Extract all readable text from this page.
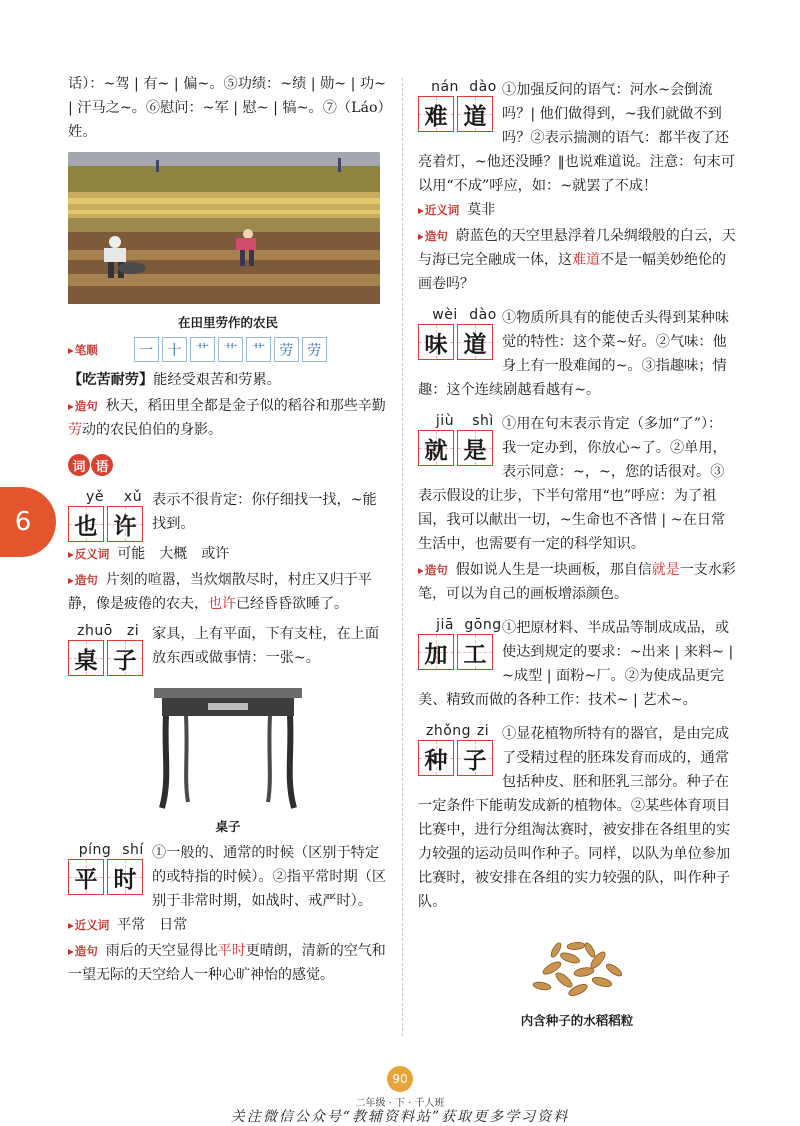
6

话）：~驾 | 有~ | 偏~。⑤功绩：~绩 | 勋~ | 功~ | 汗马之~。⑥慰问：~军 | 慰~ | 犒~。⑦（Láo）姓。

在田里劳作的农民
▸ 笔顺	一	十	艹	艹	艹	劳	劳
【吃苦耐劳】能经受艰苦和劳累。
▸ 造句 秋天，稻田里全都是金子似的稻谷和那些辛勤劳动的农民伯伯的身影。
词 语
yě xǔ
也 许

表示不很肯定：你仔细找一找，~能找到。

▸ 反义词 可能　大概　或许
▸ 造句 片刻的喧嚣，当炊烟散尽时，村庄又归于平静，像是疲倦的农夫，也许已经昏昏欲睡了。
zhuō zi
桌 子

家具，上有平面，下有支柱，在上面放东西或做事情：一张~。

桌子
píng shí
平 时

①一般的、通常的时候（区别于特定的或特指的时候）。②指平常时期（区别于非常时期，如战时、戒严时）。

▸ 近义词 平常　日常
▸ 造句 雨后的天空显得比平时更晴朗，清新的空气和一望无际的天空给人一种心旷神怡的感觉。
nán dào
难 道

①加强反问的语气：河水~会倒流吗？| 他们做得到，~我们就做不到吗？②表示揣测的语气：都半夜了还亮着灯，~他还没睡？‖也说难道说。注意：句末可以用“不成”呼应，如：~就罢了不成！

▸ 近义词 莫非
▸ 造句 蔚蓝色的天空里悬浮着几朵绸缎般的白云，天与海已完全融成一体，这难道不是一幅美妙绝伦的画卷吗？
wèi dào
味 道

①物质所具有的能使舌头得到某种味觉的特性：这个菜~好。②气味：他身上有一股难闻的~。③指趣味；情趣：这个连续剧越看越有~。

jiù shì
就 是

①用在句末表示肯定（多加“了”）：我一定办到，你放心~了。②单用，表示同意：~，~，您的话很对。③表示假设的让步，下半句常用“也”呼应：为了祖国，我可以献出一切，~生命也不吝惜 | ~在日常生活中，也需要有一定的科学知识。

▸ 造句 假如说人生是一块画板，那自信就是一支水彩笔，可以为自己的画板增添颜色。
jiā gōng
加 工

①把原材料、半成品等制成成品，或使达到规定的要求：~出来 | 来料~ | ~成型 | 面粉~厂。②为使成品更完美、精致而做的各种工作：技术~ | 艺术~。

zhǒng zi
种 子

①显花植物所特有的器官，是由完成了受精过程的胚珠发育而成的，通常包括种皮、胚和胚乳三部分。种子在一定条件下能萌发成新的植物体。②某些体育项目比赛中，进行分组淘汰赛时，被安排在各组里的实力较强的运动员叫作种子。同样，以队为单位参加比赛时，被安排在各组的实力较强的队，叫作种子队。

内含种子的水稻稻粒
90
二年级 · 下 · 千人班
关注微信公众号“教辅资料站”获取更多学习资料
